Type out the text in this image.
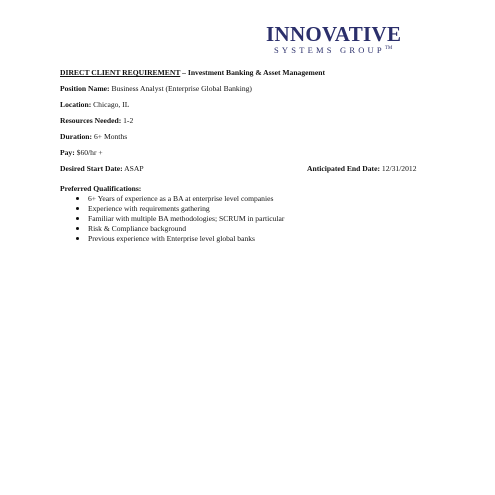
INNOVATIVE
SYSTEMS GROUP™
DIRECT CLIENT REQUIREMENT – Investment Banking & Asset Management
Position Name: Business Analyst (Enterprise Global Banking)
Location: Chicago, IL
Resources Needed: 1-2
Duration: 6+ Months
Pay: $60/hr +
Desired Start Date: ASAP	Anticipated End Date: 12/31/2012
Preferred Qualifications:
6+ Years of experience as a BA at enterprise level companies
Experience with requirements gathering
Familiar with multiple BA methodologies; SCRUM in particular
Risk & Compliance background
Previous experience with Enterprise level global banks
